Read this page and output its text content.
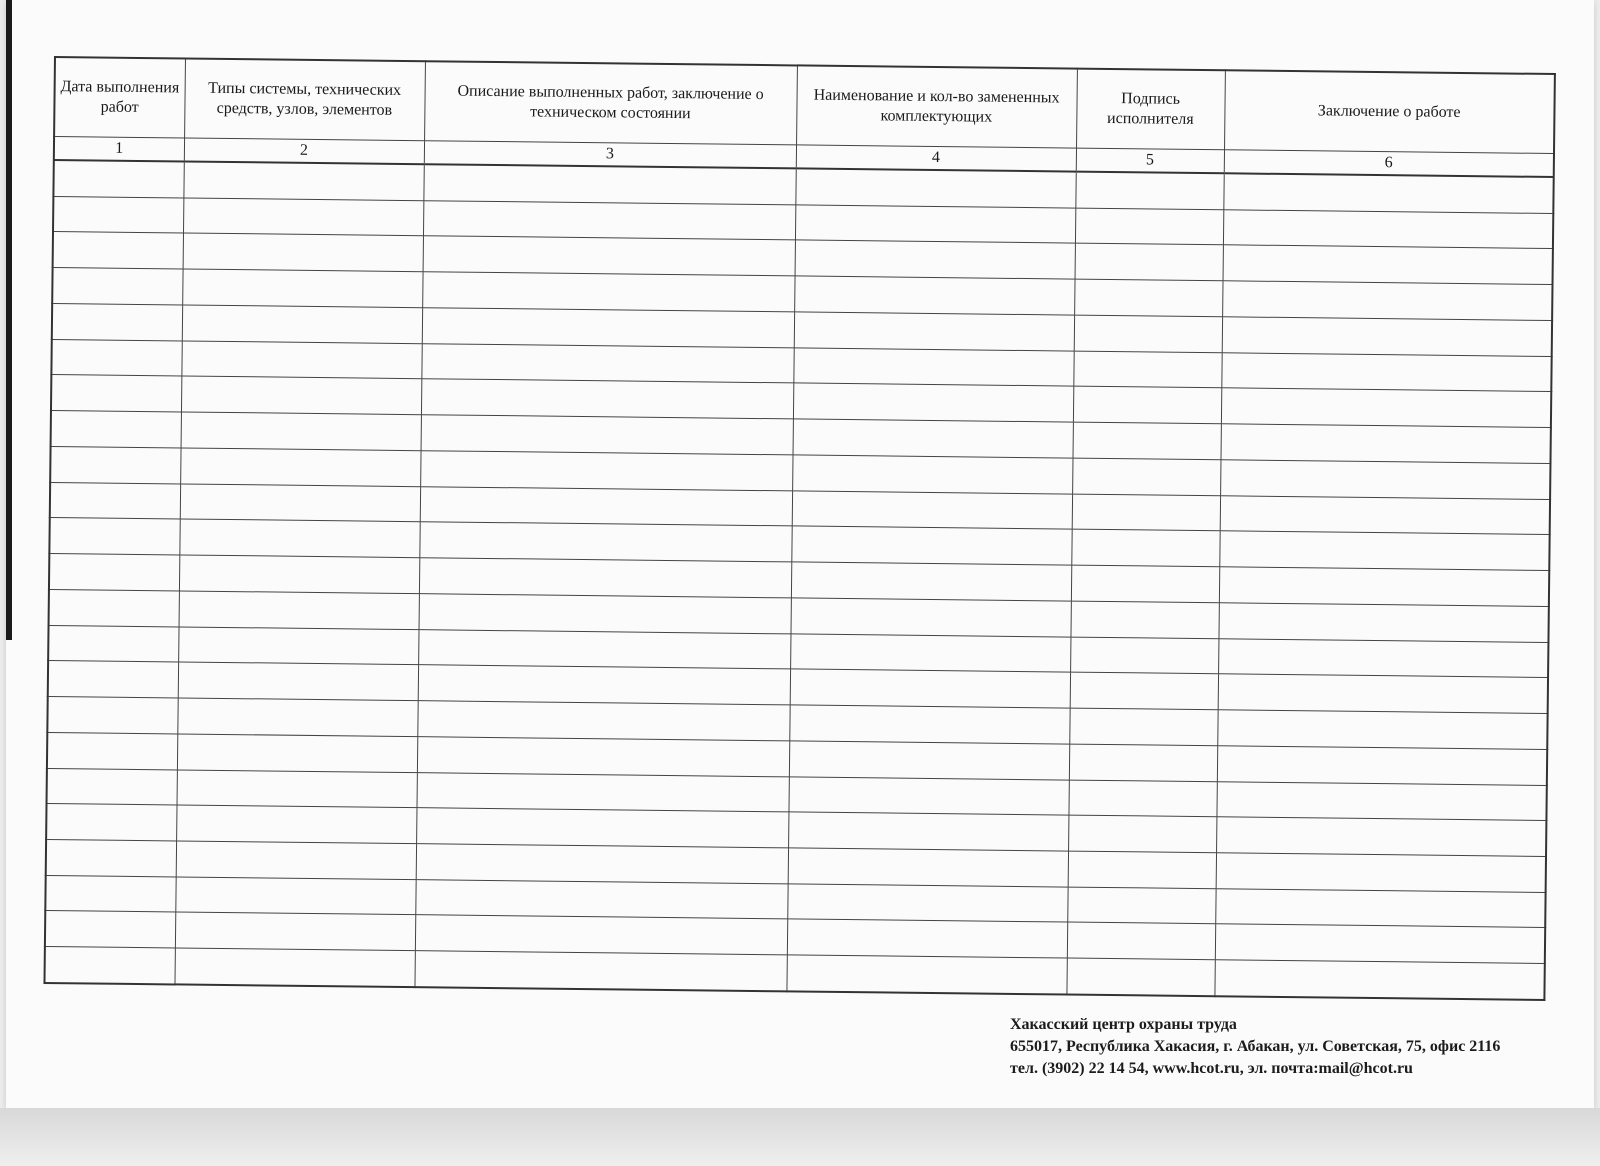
Дата выполнения работ	Типы системы, технических средств, узлов, элементов	Описание выполненных работ, заключение о техническом состоянии	Наименование и кол-во замененных комплектующих	Подпись исполнителя	Заключение о работе
1	2	3	4	5	6

Хакасский центр охраны труда
655017, Республика Хакасия, г. Абакан, ул. Советская, 75, офис 2116
тел. (3902) 22 14 54, www.hcot.ru, эл. почта:mail@hcot.ru
